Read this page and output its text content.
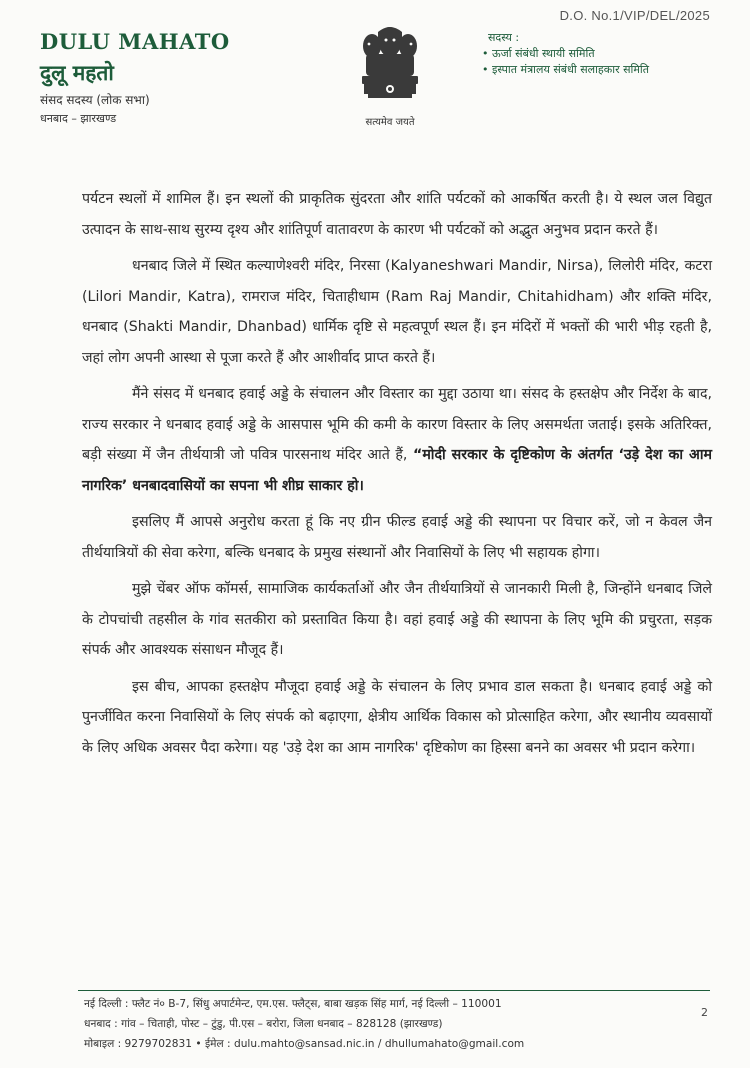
D.O. No.1/VIP/DEL/2025
DULU MAHATO
दुलू महतो
संसद सदस्य (लोक सभा)
धनबाद – झारखण्ड	सत्यमेव जयते
सदस्य :
• ऊर्जा संबंधी स्थायी समिति
• इस्पात मंत्रालय संबंधी सलाहकार समिति

पर्यटन स्थलों में शामिल हैं। इन स्थलों की प्राकृतिक सुंदरता और शांति पर्यटकों को आकर्षित करती है। ये स्थल जल विद्युत उत्पादन के साथ-साथ सुरम्य दृश्य और शांतिपूर्ण वातावरण के कारण भी पर्यटकों को अद्भुत अनुभव प्रदान करते हैं।

धनबाद जिले में स्थित कल्याणेश्वरी मंदिर, निरसा (Kalyaneshwari Mandir, Nirsa), लिलोरी मंदिर, कटरा (Lilori Mandir, Katra), रामराज मंदिर, चिताहीधाम (Ram Raj Mandir, Chitahidham) और शक्ति मंदिर, धनबाद (Shakti Mandir, Dhanbad) धार्मिक दृष्टि से महत्वपूर्ण स्थल हैं। इन मंदिरों में भक्तों की भारी भीड़ रहती है, जहां लोग अपनी आस्था से पूजा करते हैं और आशीर्वाद प्राप्त करते हैं।

मैंने संसद में धनबाद हवाई अड्डे के संचालन और विस्तार का मुद्दा उठाया था। संसद के हस्तक्षेप और निर्देश के बाद, राज्य सरकार ने धनबाद हवाई अड्डे के आसपास भूमि की कमी के कारण विस्तार के लिए असमर्थता जताई। इसके अतिरिक्त, बड़ी संख्या में जैन तीर्थयात्री जो पवित्र पारसनाथ मंदिर आते हैं, “मोदी सरकार के दृष्टिकोण के अंतर्गत ‘उड़े देश का आम नागरिक’ धनबादवासियों का सपना भी शीघ्र साकार हो।

इसलिए मैं आपसे अनुरोध करता हूं कि नए ग्रीन फील्ड हवाई अड्डे की स्थापना पर विचार करें, जो न केवल जैन तीर्थयात्रियों की सेवा करेगा, बल्कि धनबाद के प्रमुख संस्थानों और निवासियों के लिए भी सहायक होगा।

मुझे चेंबर ऑफ कॉमर्स, सामाजिक कार्यकर्ताओं और जैन तीर्थयात्रियों से जानकारी मिली है, जिन्होंने धनबाद जिले के टोपचांची तहसील के गांव सतकीरा को प्रस्तावित किया है। वहां हवाई अड्डे की स्थापना के लिए भूमि की प्रचुरता, सड़क संपर्क और आवश्यक संसाधन मौजूद हैं।

इस बीच, आपका हस्तक्षेप मौजूदा हवाई अड्डे के संचालन के लिए प्रभाव डाल सकता है। धनबाद हवाई अड्डे को पुनर्जीवित करना निवासियों के लिए संपर्क को बढ़ाएगा, क्षेत्रीय आर्थिक विकास को प्रोत्साहित करेगा, और स्थानीय व्यवसायों के लिए अधिक अवसर पैदा करेगा। यह 'उड़े देश का आम नागरिक' दृष्टिकोण का हिस्सा बनने का अवसर भी प्रदान करेगा।

नई दिल्ली : फ्लैट नं० B-7, सिंधु अपार्टमेन्ट, एम.एस. फ्लैट्स, बाबा खड़क सिंह मार्ग, नई दिल्ली – 110001
धनबाद : गांव – चिताही, पोस्ट – टुंडु, पी.एस – बरोरा, जिला धनबाद – 828128 (झारखण्ड)
मोबाइल : 9279702831 • ईमेल : dulu.mahto@sansad.nic.in / dhullumahato@gmail.com
2
